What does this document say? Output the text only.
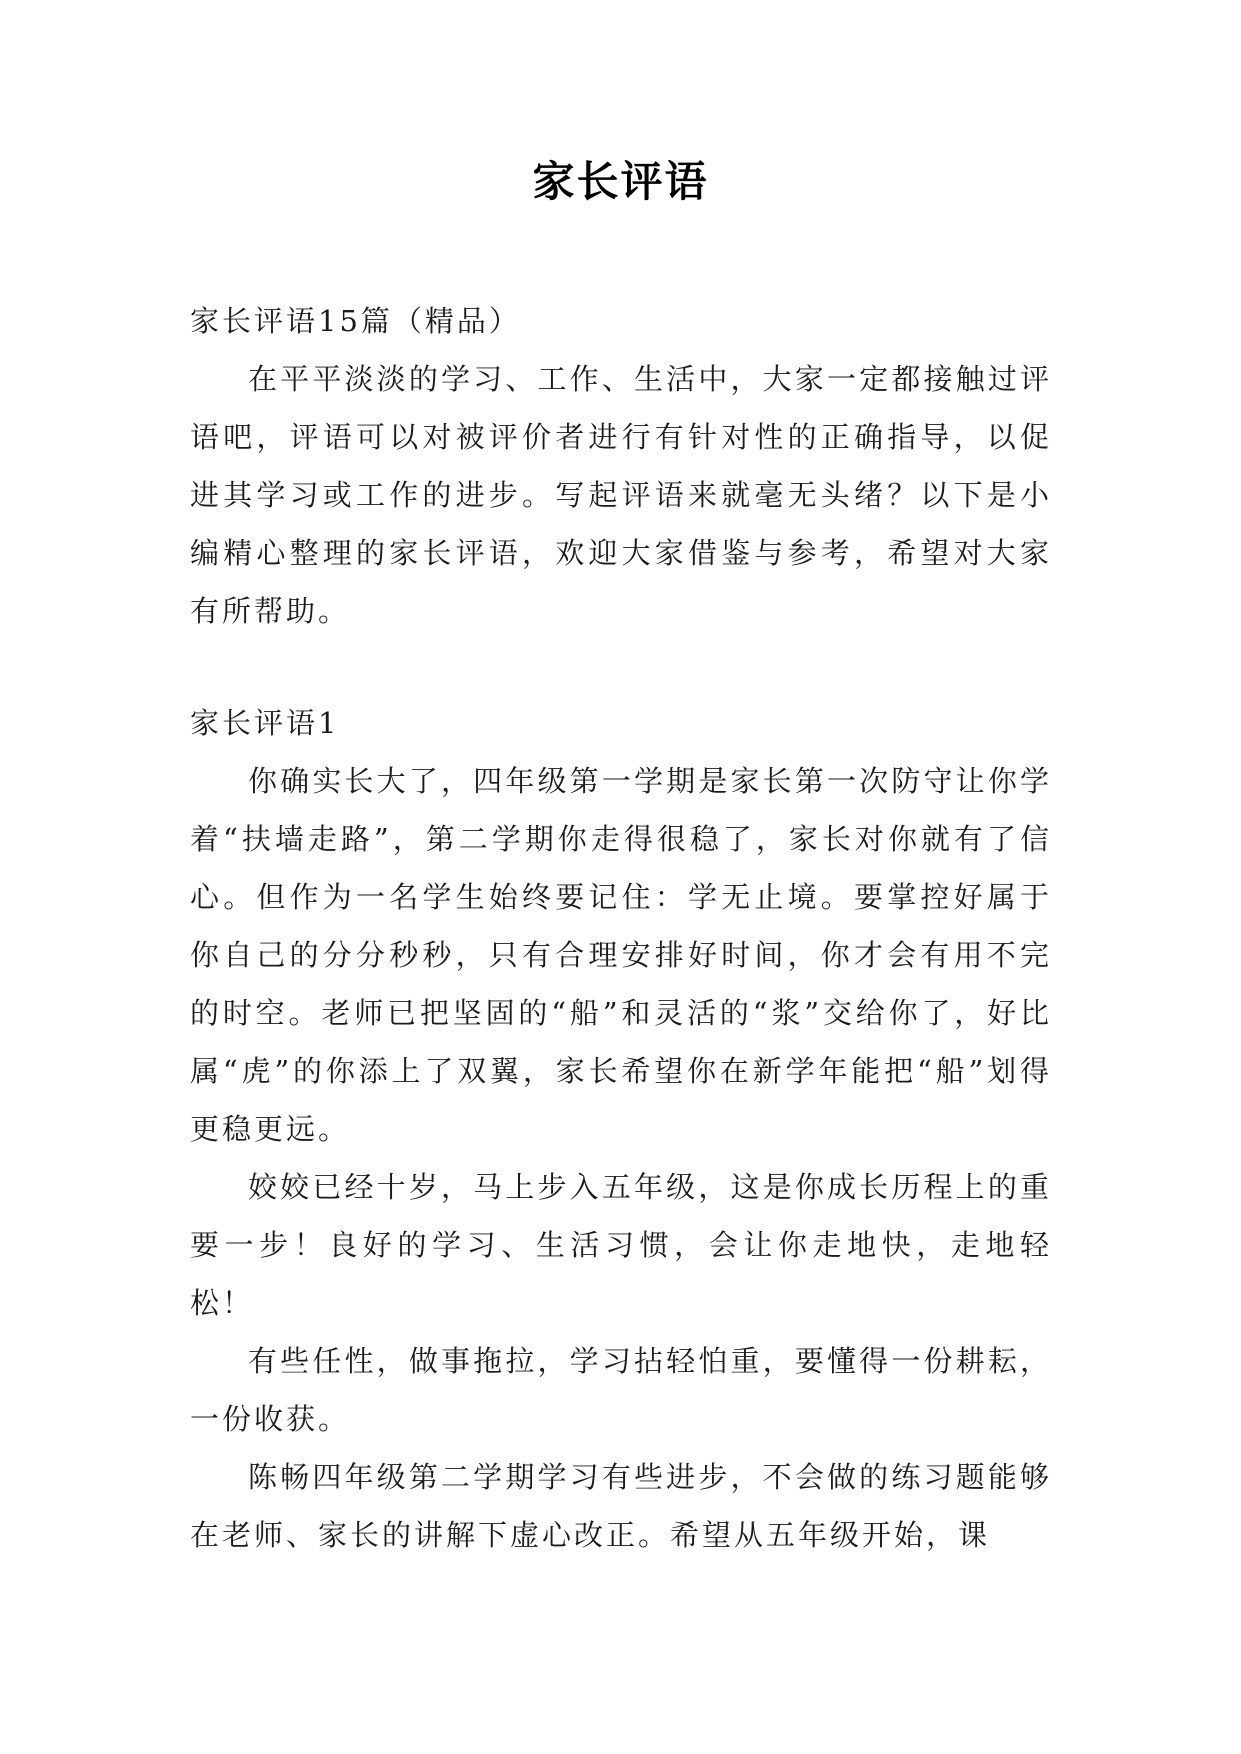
家长评语

家长评语15篇（精品）

在平平淡淡的学习、工作、生活中，大家一定都接触过评语吧，评语可以对被评价者进行有针对性的正确指导，以促进其学习或工作的进步。写起评语来就毫无头绪？以下是小编精心整理的家长评语，欢迎大家借鉴与参考，希望对大家有所帮助。

家长评语1

你确实长大了，四年级第一学期是家长第一次防守让你学着“扶墙走路”，第二学期你走得很稳了，家长对你就有了信心。但作为一名学生始终要记住：学无止境。要掌控好属于你自己的分分秒秒，只有合理安排好时间，你才会有用不完的时空。老师已把坚固的“船”和灵活的“浆”交给你了，好比属“虎”的你添上了双翼，家长希望你在新学年能把“船”划得更稳更远。

姣姣已经十岁，马上步入五年级，这是你成长历程上的重要一步！良好的学习、生活习惯，会让你走地快，走地轻松！

有些任性，做事拖拉，学习拈轻怕重，要懂得一份耕耘，一份收获。

陈畅四年级第二学期学习有些进步，不会做的练习题能够在老师、家长的讲解下虚心改正。希望从五年级开始，课
